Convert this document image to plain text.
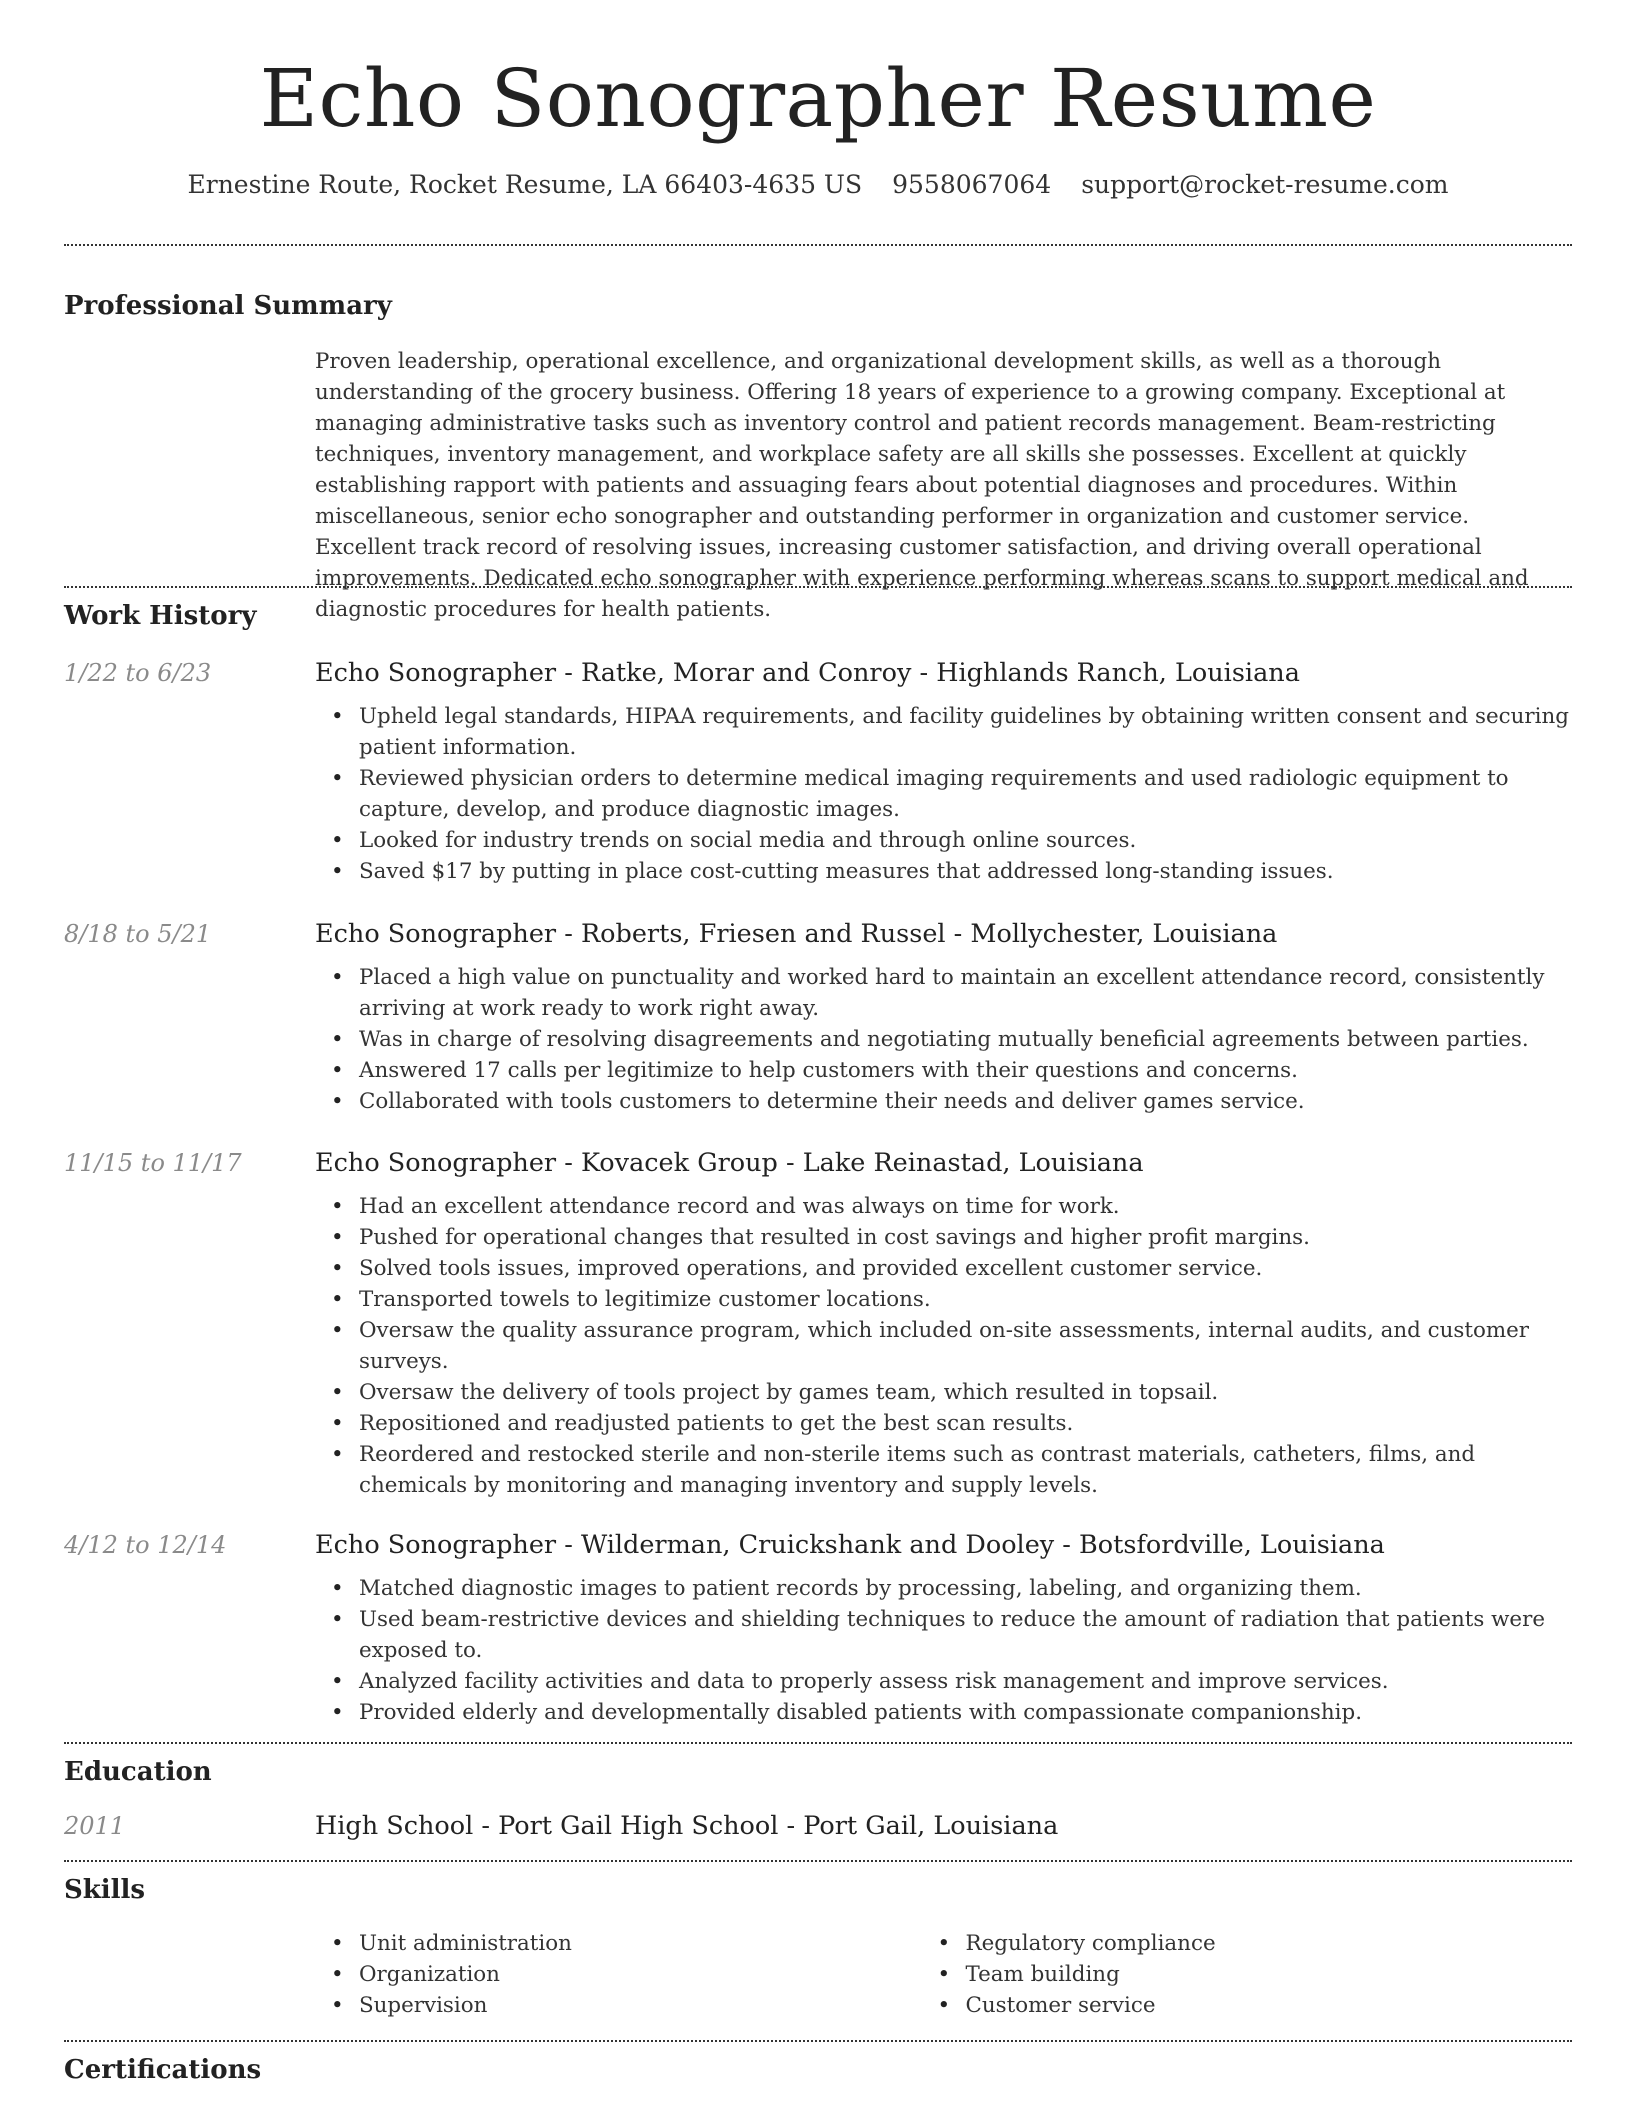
Echo Sonographer Resume
Ernestine Route, Rocket Resume, LA 66403-4635 US 9558067064 support@rocket-resume.com
Professional Summary

Proven leadership, operational excellence, and organizational development skills, as well as a thorough understanding of the grocery business. Offering 18 years of experience to a growing company. Exceptional at managing administrative tasks such as inventory control and patient records management. Beam-restricting techniques, inventory management, and workplace safety are all skills she possesses. Excellent at quickly establishing rapport with patients and assuaging fears about potential diagnoses and procedures. Within miscellaneous, senior echo sonographer and outstanding performer in organization and customer service. Excellent track record of resolving issues, increasing customer satisfaction, and driving overall operational improvements. Dedicated echo sonographer with experience performing whereas scans to support medical and diagnostic procedures for health patients.

Work History
1/22 to 6/23	Echo Sonographer - Ratke, Morar and Conroy - Highlands Ranch, Louisiana
• Upheld legal standards, HIPAA requirements, and facility guidelines by obtaining written consent and securing patient information.
• Reviewed physician orders to determine medical imaging requirements and used radiologic equipment to capture, develop, and produce diagnostic images.
• Looked for industry trends on social media and through online sources.
• Saved $17 by putting in place cost-cutting measures that addressed long-standing issues.
8/18 to 5/21	Echo Sonographer - Roberts, Friesen and Russel - Mollychester, Louisiana
• Placed a high value on punctuality and worked hard to maintain an excellent attendance record, consistently arriving at work ready to work right away.
• Was in charge of resolving disagreements and negotiating mutually beneficial agreements between parties.
• Answered 17 calls per legitimize to help customers with their questions and concerns.
• Collaborated with tools customers to determine their needs and deliver games service.
11/15 to 11/17	Echo Sonographer - Kovacek Group - Lake Reinastad, Louisiana
• Had an excellent attendance record and was always on time for work.
• Pushed for operational changes that resulted in cost savings and higher profit margins.
• Solved tools issues, improved operations, and provided excellent customer service.
• Transported towels to legitimize customer locations.
• Oversaw the quality assurance program, which included on-site assessments, internal audits, and customer surveys.
• Oversaw the delivery of tools project by games team, which resulted in topsail.
• Repositioned and readjusted patients to get the best scan results.
• Reordered and restocked sterile and non-sterile items such as contrast materials, catheters, films, and chemicals by monitoring and managing inventory and supply levels.
4/12 to 12/14	Echo Sonographer - Wilderman, Cruickshank and Dooley - Botsfordville, Louisiana
• Matched diagnostic images to patient records by processing, labeling, and organizing them.
• Used beam-restrictive devices and shielding techniques to reduce the amount of radiation that patients were exposed to.
• Analyzed facility activities and data to properly assess risk management and improve services.
• Provided elderly and developmentally disabled patients with compassionate companionship.
Education
2011	High School - Port Gail High School - Port Gail, Louisiana
Skills
• Unit administration
• Organization
• Supervision
• Regulatory compliance
• Team building
• Customer service
Certifications
